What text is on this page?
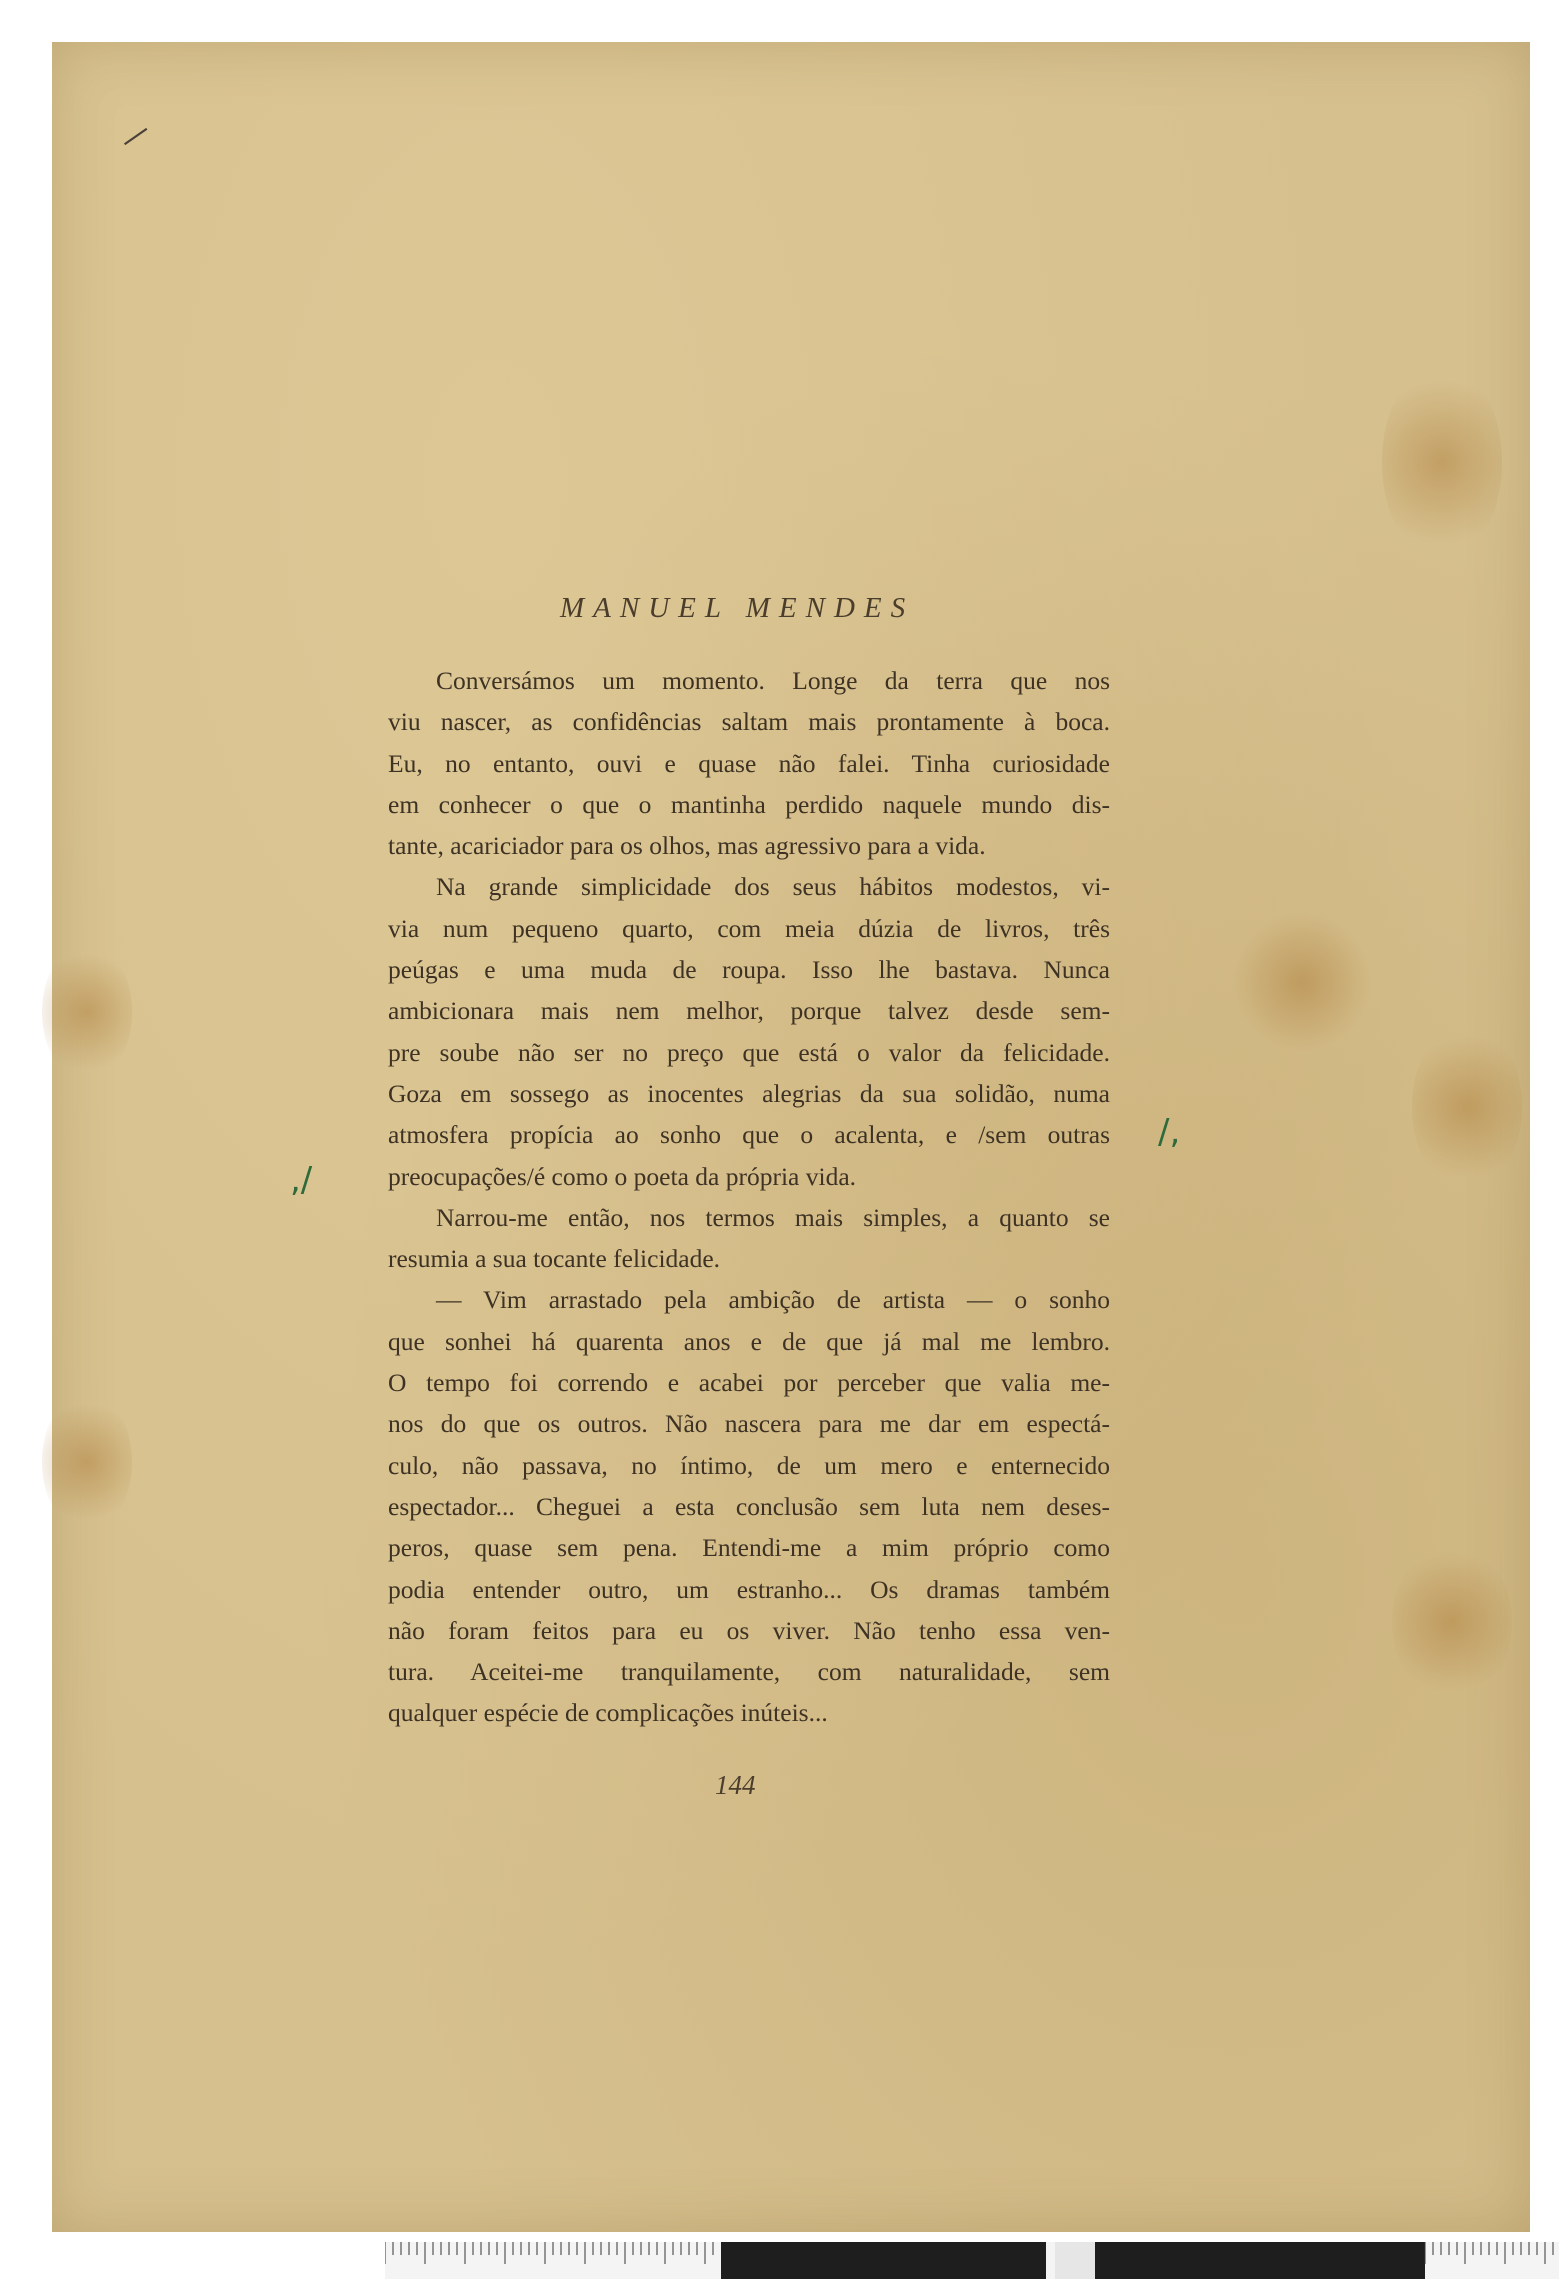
—
MANUEL MENDES
Conversámos um momento. Longe da terra que nos
viu nascer, as confidências saltam mais prontamente à boca.
Eu, no entanto, ouvi e quase não falei. Tinha curiosidade
em conhecer o que o mantinha perdido naquele mundo dis-
tante, acariciador para os olhos, mas agressivo para a vida.
Na grande simplicidade dos seus hábitos modestos, vi-
via num pequeno quarto, com meia dúzia de livros, três
peúgas e uma muda de roupa. Isso lhe bastava. Nunca
ambicionara mais nem melhor, porque talvez desde sem-
pre soube não ser no preço que está o valor da felicidade.
Goza em sossego as inocentes alegrias da sua solidão, numa
atmosfera propícia ao sonho que o acalenta, e /sem outras
preocupações/é como o poeta da própria vida.
Narrou-me então, nos termos mais simples, a quanto se
resumia a sua tocante felicidade.
— Vim arrastado pela ambição de artista — o sonho
que sonhei há quarenta anos e de que já mal me lembro.
O tempo foi correndo e acabei por perceber que valia me-
nos do que os outros. Não nascera para me dar em espectá-
culo, não passava, no íntimo, de um mero e enternecido
espectador... Cheguei a esta conclusão sem luta nem deses-
peros, quase sem pena. Entendi-me a mim próprio como
podia entender outro, um estranho... Os dramas também
não foram feitos para eu os viver. Não tenho essa ven-
tura. Aceitei-me tranquilamente, com naturalidade, sem
qualquer espécie de complicações inúteis...
,/
/,
144
